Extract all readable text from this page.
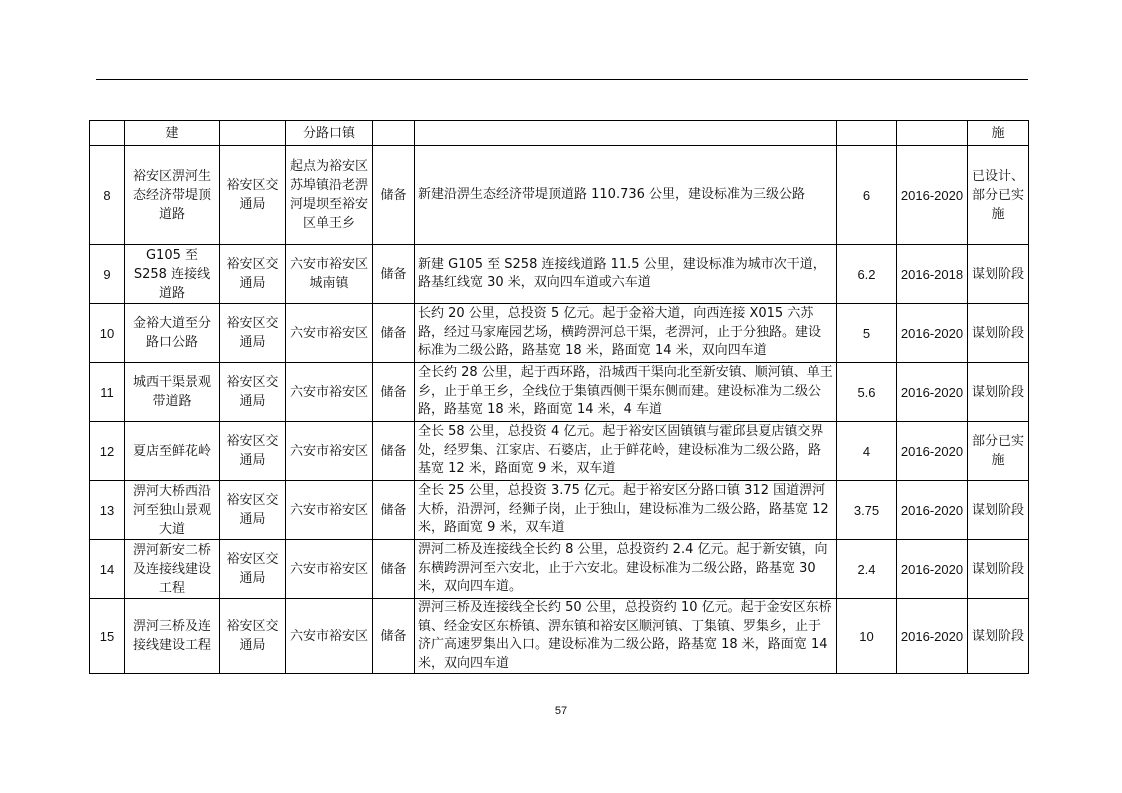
	建		分路口镇					施
8	裕安区淠河生态经济带堤顶道路	裕安区交通局	起点为裕安区苏埠镇沿老淠河堤坝至裕安区单王乡	储备	新建沿淠生态经济带堤顶道路 110.736 公里，建设标准为三级公路	6	2016-2020	已设计、部分已实施
9	G105 至 S258 连接线道路	裕安区交通局	六安市裕安区城南镇	储备	新建 G105 至 S258 连接线道路 11.5 公里，建设标准为城市次干道，路基红线宽 30 米，双向四车道或六车道	6.2	2016-2018	谋划阶段
10	金裕大道至分路口公路	裕安区交通局	六安市裕安区	储备	长约 20 公里，总投资 5 亿元。起于金裕大道，向西连接 X015 六苏路，经过马家庵园艺场，横跨淠河总干渠，老淠河，止于分独路。建设标准为二级公路，路基宽 18 米，路面宽 14 米，双向四车道	5	2016-2020	谋划阶段
11	城西干渠景观带道路	裕安区交通局	六安市裕安区	储备	全长约 28 公里，起于西环路，沿城西干渠向北至新安镇、顺河镇、单王乡，止于单王乡，全线位于集镇西侧干渠东侧而建。建设标准为二级公路，路基宽 18 米，路面宽 14 米，4 车道	5.6	2016-2020	谋划阶段
12	夏店至鲜花岭	裕安区交通局	六安市裕安区	储备	全长 58 公里，总投资 4 亿元。起于裕安区固镇镇与霍邱县夏店镇交界处，经罗集、江家店、石婆店，止于鲜花岭，建设标准为二级公路，路基宽 12 米，路面宽 9 米，双车道	4	2016-2020	部分已实施
13	淠河大桥西沿河至独山景观大道	裕安区交通局	六安市裕安区	储备	全长 25 公里，总投资 3.75 亿元。起于裕安区分路口镇 312 国道淠河大桥，沿淠河，经狮子岗，止于独山，建设标准为二级公路，路基宽 12 米，路面宽 9 米，双车道	3.75	2016-2020	谋划阶段
14	淠河新安二桥及连接线建设工程	裕安区交通局	六安市裕安区	储备	淠河二桥及连接线全长约 8 公里，总投资约 2.4 亿元。起于新安镇，向东横跨淠河至六安北，止于六安北。建设标准为二级公路，路基宽 30 米，双向四车道。	2.4	2016-2020	谋划阶段
15	淠河三桥及连接线建设工程	裕安区交通局	六安市裕安区	储备	淠河三桥及连接线全长约 50 公里，总投资约 10 亿元。起于金安区东桥镇、经金安区东桥镇、淠东镇和裕安区顺河镇、丁集镇、罗集乡，止于济广高速罗集出入口。建设标准为二级公路，路基宽 18 米，路面宽 14 米，双向四车道	10	2016-2020	谋划阶段
57
